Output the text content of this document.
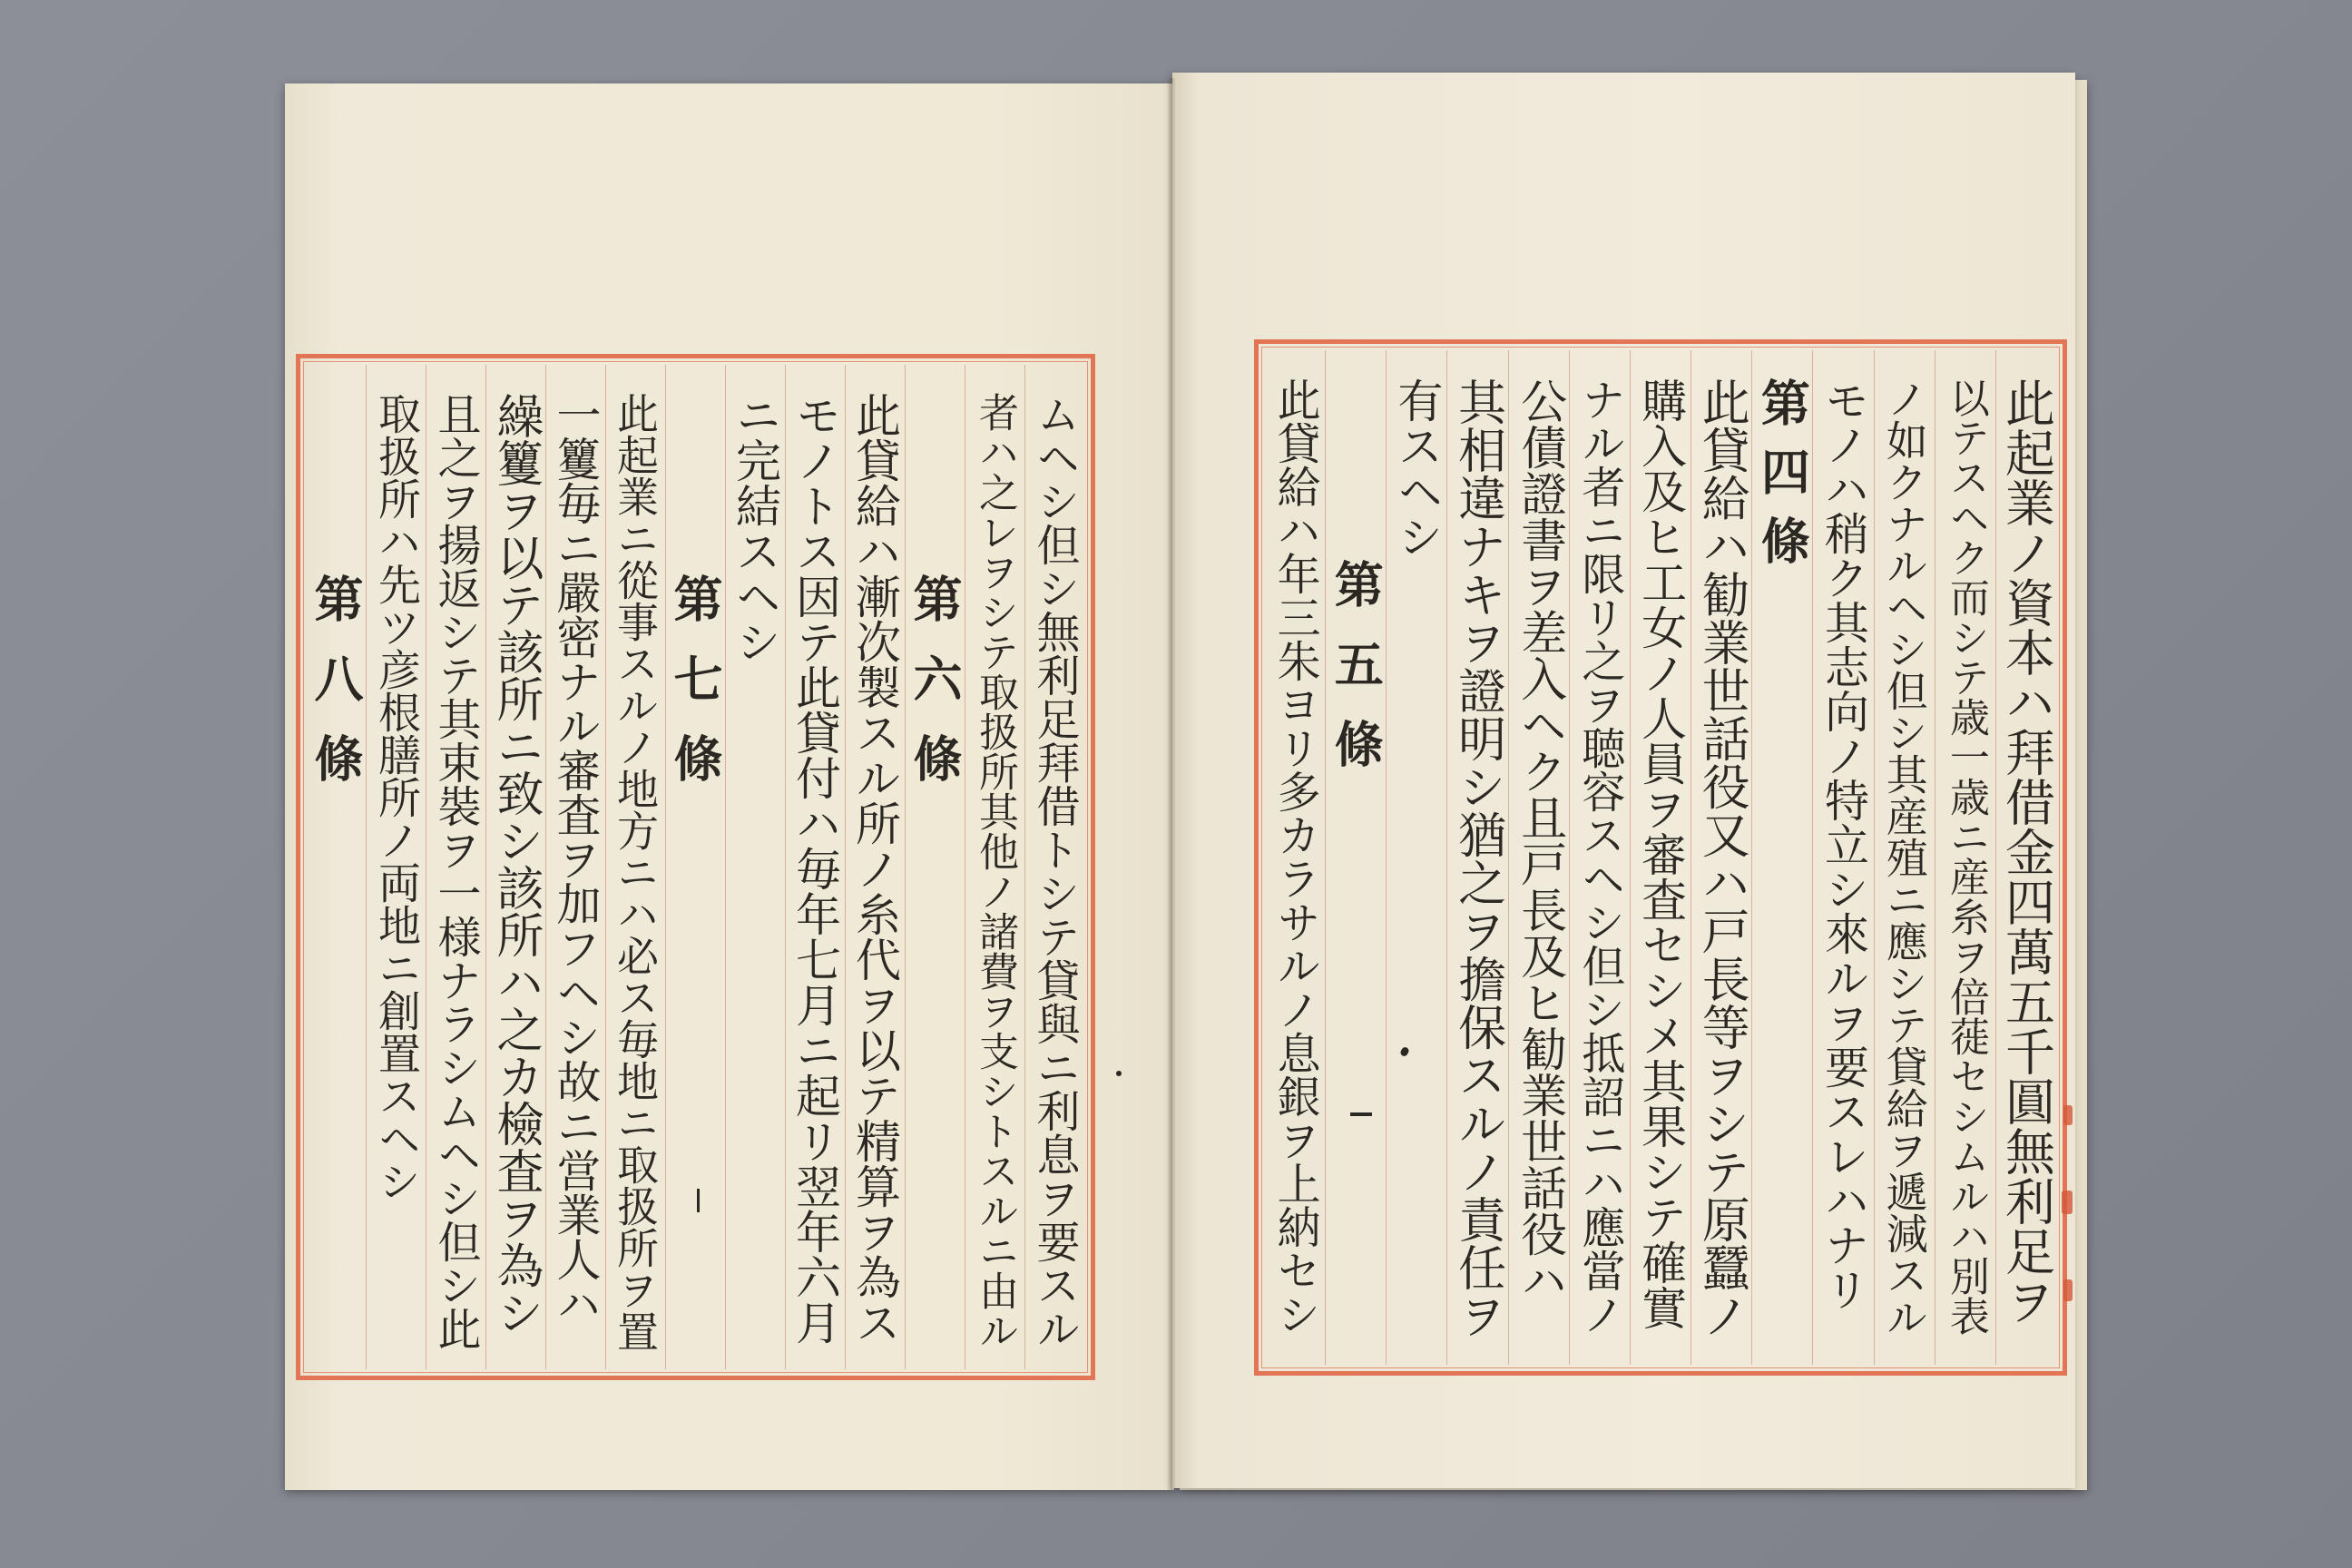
ムヘシ但シ無利足拜借トシテ貸與ニ利息ヲ要スル
者ハ之レヲシテ取扱所其他ノ諸費ヲ支シトスルニ由ル
第六條
此貸給ハ漸次製スル所ノ糸代ヲ以テ精算ヲ為ス
モノトス因テ此貸付ハ毎年七月ニ起リ翌年六月
ニ完結スヘシ
第七條
此起業ニ從事スルノ地方ニハ必ス毎地ニ取扱所ヲ置
一籰毎ニ嚴密ナル審査ヲ加フヘシ故ニ営業人ハ
繰籰ヲ以テ該所ニ致シ該所ハ之カ檢査ヲ為シ
且之ヲ揚返シテ其束裝ヲ一様ナラシムヘシ但シ此
取扱所ハ先ツ彦根膳所ノ両地ニ創置スヘシ
第八條	此起業ノ資本ハ拜借金四萬五千圓無利足ヲ
以テスヘク而シテ歳一歳ニ産糸ヲ倍蓰セシムルハ別表
ノ如クナルヘシ但シ其産殖ニ應シテ貸給ヲ遞減スル
モノハ稍ク其志向ノ特立シ來ルヲ要スレハナリ
第四條
此貸給ハ勧業世話役又ハ戸長等ヲシテ原蠶ノ
購入及ヒ工女ノ人員ヲ審査セシメ其果シテ確實
ナル者ニ限リ之ヲ聴容スヘシ但シ抵詔ニハ應當ノ
公債證書ヲ差入ヘク且戸長及ヒ勧業世話役ハ
其相違ナキヲ證明シ猶之ヲ擔保スルノ責任ヲ
有スヘシ
第五條
此貸給ハ年三朱ヨリ多カラサルノ息銀ヲ上納セシ
